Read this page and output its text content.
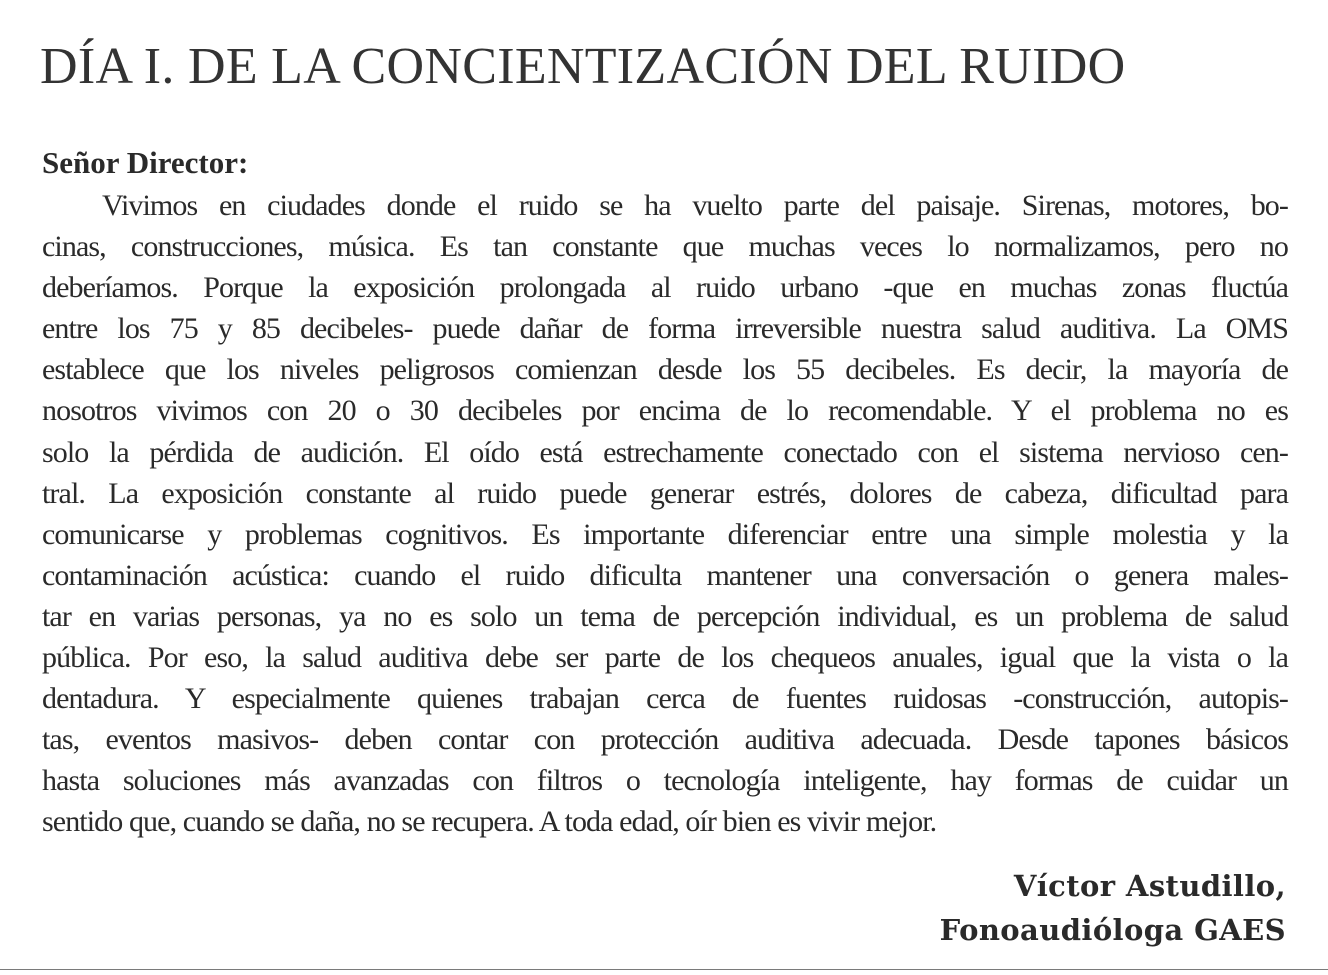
DÍA I. DE LA CONCIENTIZACIÓN DEL RUIDO

Señor Director:

Vivimos en ciudades donde el ruido se ha vuelto parte del paisaje. Sirenas, motores, bo-
cinas, construcciones, música. Es tan constante que muchas veces lo normalizamos, pero no
deberíamos. Porque la exposición prolongada al ruido urbano -que en muchas zonas fluctúa
entre los 75 y 85 decibeles- puede dañar de forma irreversible nuestra salud auditiva. La OMS
establece que los niveles peligrosos comienzan desde los 55 decibeles. Es decir, la mayoría de
nosotros vivimos con 20 o 30 decibeles por encima de lo recomendable. Y el problema no es
solo la pérdida de audición. El oído está estrechamente conectado con el sistema nervioso cen-
tral. La exposición constante al ruido puede generar estrés, dolores de cabeza, dificultad para
comunicarse y problemas cognitivos. Es importante diferenciar entre una simple molestia y la
contaminación acústica: cuando el ruido dificulta mantener una conversación o genera males-
tar en varias personas, ya no es solo un tema de percepción individual, es un problema de salud
pública. Por eso, la salud auditiva debe ser parte de los chequeos anuales, igual que la vista o la
dentadura. Y especialmente quienes trabajan cerca de fuentes ruidosas -construcción, autopis-
tas, eventos masivos- deben contar con protección auditiva adecuada. Desde tapones básicos
hasta soluciones más avanzadas con filtros o tecnología inteligente, hay formas de cuidar un
sentido que, cuando se daña, no se recupera. A toda edad, oír bien es vivir mejor.
Víctor Astudillo,
Fonoaudióloga GAES
